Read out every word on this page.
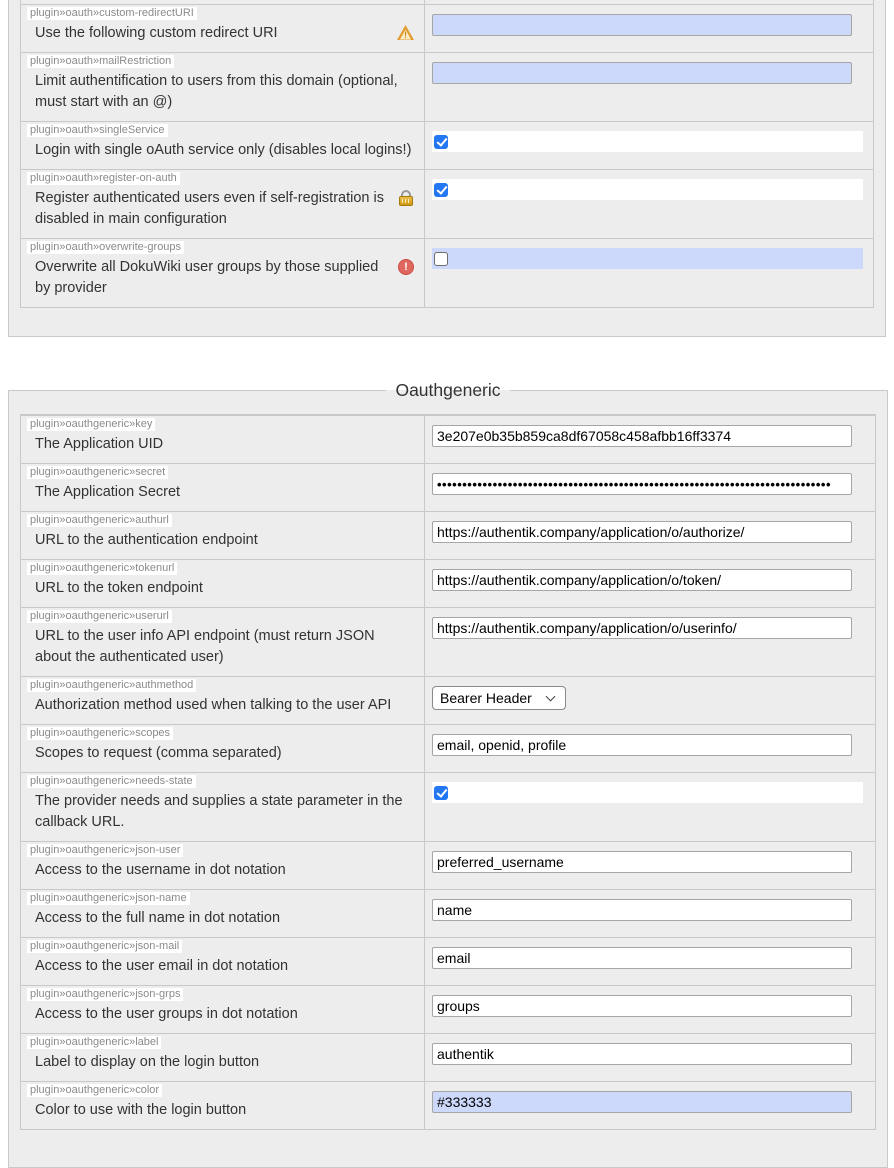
plugin»oauth»custom-redirectURI
!
Use the following custom redirect URI
plugin»oauth»mailRestriction
Limit authentification to users from this domain (optional, must start with an @)
plugin»oauth»singleService
Login with single oAuth service only (disables local logins!)
plugin»oauth»register-on-auth
Register authenticated users even if self-registration is disabled in main configuration
plugin»oauth»overwrite-groups
!
Overwrite all DokuWiki user groups by those supplied by provider
Oauthgeneric
plugin»oauthgeneric»key
The Application UID
3e207e0b35b859ca8df67058c458afbb16ff3374
plugin»oauthgeneric»secret
The Application Secret
••••••••••••••••••••••••••••••••••••••••••••••••••••••••••••••••••••••••••••••
plugin»oauthgeneric»authurl
URL to the authentication endpoint
https://authentik.company/application/o/authorize/
plugin»oauthgeneric»tokenurl
URL to the token endpoint
https://authentik.company/application/o/token/
plugin»oauthgeneric»userurl
URL to the user info API endpoint (must return JSON about the authenticated user)
https://authentik.company/application/o/userinfo/
plugin»oauthgeneric»authmethod
Authorization method used when talking to the user API	Bearer Header
plugin»oauthgeneric»scopes
Scopes to request (comma separated)
email, openid, profile
plugin»oauthgeneric»needs-state
The provider needs and supplies a state parameter in the callback URL.
plugin»oauthgeneric»json-user
Access to the username in dot notation
preferred_username
plugin»oauthgeneric»json-name
Access to the full name in dot notation
name
plugin»oauthgeneric»json-mail
Access to the user email in dot notation
email
plugin»oauthgeneric»json-grps
Access to the user groups in dot notation
groups
plugin»oauthgeneric»label
Label to display on the login button
authentik
plugin»oauthgeneric»color
Color to use with the login button
#333333
